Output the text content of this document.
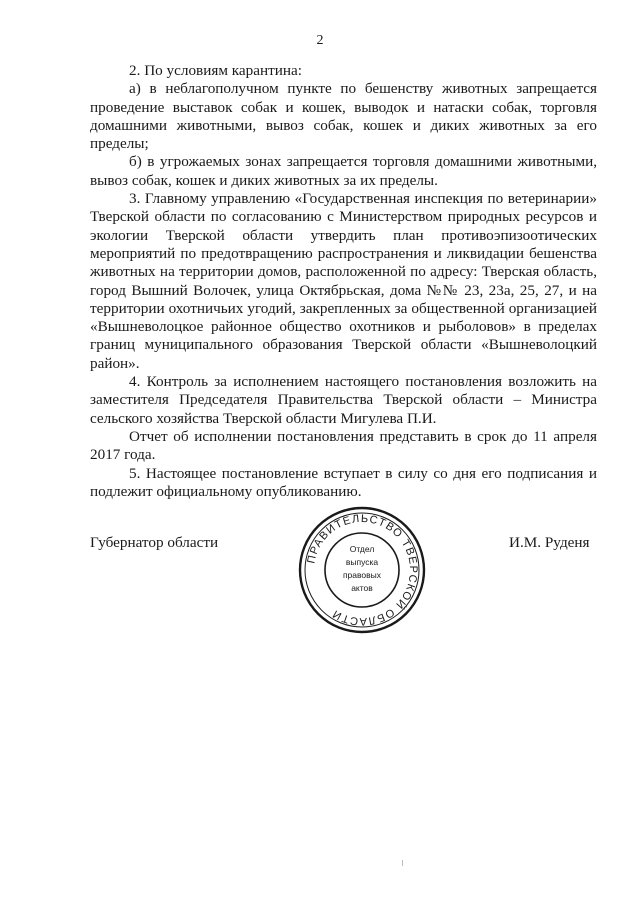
2

2. По условиям карантина:

а) в неблагополучном пункте по бешенству животных запрещается проведение выставок собак и кошек, выводок и натаски собак, торговля домашними животными, вывоз собак, кошек и диких животных за его пределы;

б) в угрожаемых зонах запрещается торговля домашними животными, вывоз собак, кошек и диких животных за их пределы.

3. Главному управлению «Государственная инспекция по ветеринарии» Тверской области по согласованию с Министерством природных ресурсов и экологии Тверской области утвердить план противоэпизоотических мероприятий по предотвращению распространения и ликвидации бешенства животных на территории домов, расположенной по адресу: Тверская область, город Вышний Волочек, улица Октябрьская, дома №№ 23, 23а, 25, 27, и на территории охотничьих угодий, закрепленных за общественной организацией «Вышневолоцкое районное общество охотников и рыболовов» в пределах границ муниципального образования Тверской области «Вышневолоцкий район».

4. Контроль за исполнением настоящего постановления возложить на заместителя Председателя Правительства Тверской области – Министра сельского хозяйства Тверской области Мигулева П.И.

Отчет об исполнении постановления представить в срок до 11 апреля 2017 года.

5. Настоящее постановление вступает в силу со дня его подписания и подлежит официальному опубликованию.

Губернатор области	И.М. Руденя
ПРАВИТЕЛЬСТВО ТВЕРСКОЙ ОБЛАСТИ
Отдел
выпуска
правовых
актов
